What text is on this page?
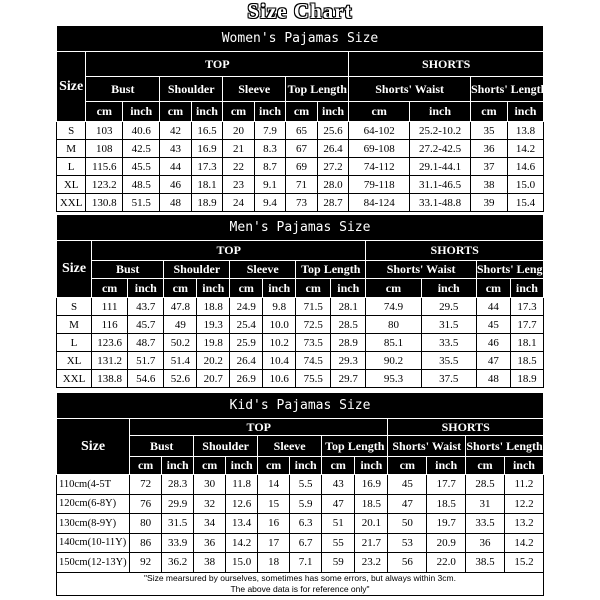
Size Chart
Women's Pajamas Size												
Size	TOP								SHORTS			
	Bust		Shoulder		Sleeve		Top Length		Shorts' Waist		Shorts' Length	
	cm	inch	cm	inch	cm	inch	cm	inch	cm	inch	cm	inch
S	103	40.6	42	16.5	20	7.9	65	25.6	64-102	25.2-10.2	35	13.8
M	108	42.5	43	16.9	21	8.3	67	26.4	69-108	27.2-42.5	36	14.2
L	115.6	45.5	44	17.3	22	8.7	69	27.2	74-112	29.1-44.1	37	14.6
XL	123.2	48.5	46	18.1	23	9.1	71	28.0	79-118	31.1-46.5	38	15.0
XXL	130.8	51.5	48	18.9	24	9.4	73	28.7	84-124	33.1-48.8	39	15.4
Men's Pajamas Size												
Size	TOP								SHORTS			
	Bust		Shoulder		Sleeve		Top Length		Shorts' Waist		Shorts' Length	
	cm	inch	cm	inch	cm	inch	cm	inch	cm	inch	cm	inch
S	111	43.7	47.8	18.8	24.9	9.8	71.5	28.1	74.9	29.5	44	17.3
M	116	45.7	49	19.3	25.4	10.0	72.5	28.5	80	31.5	45	17.7
L	123.6	48.7	50.2	19.8	25.9	10.2	73.5	28.9	85.1	33.5	46	18.1
XL	131.2	51.7	51.4	20.2	26.4	10.4	74.5	29.3	90.2	35.5	47	18.5
XXL	138.8	54.6	52.6	20.7	26.9	10.6	75.5	29.7	95.3	37.5	48	18.9
Kid's Pajamas Size												
Size	TOP								SHORTS			
	Bust		Shoulder		Sleeve		Top Length		Shorts' Waist		Shorts' Length	
	cm	inch	cm	inch	cm	inch	cm	inch	cm	inch	cm	inch
110cm(4-5T	72	28.3	30	11.8	14	5.5	43	16.9	45	17.7	28.5	11.2
120cm(6-8Y)	76	29.9	32	12.6	15	5.9	47	18.5	47	18.5	31	12.2
130cm(8-9Y)	80	31.5	34	13.4	16	6.3	51	20.1	50	19.7	33.5	13.2
140cm(10-11Y)	86	33.9	36	14.2	17	6.7	55	21.7	53	20.9	36	14.2
150cm(12-13Y)	92	36.2	38	15.0	18	7.1	59	23.2	56	22.0	38.5	15.2

"Size mearsured by ourselves, sometimes has some errors, but always within 3cm.
The above data is for reference only"												
